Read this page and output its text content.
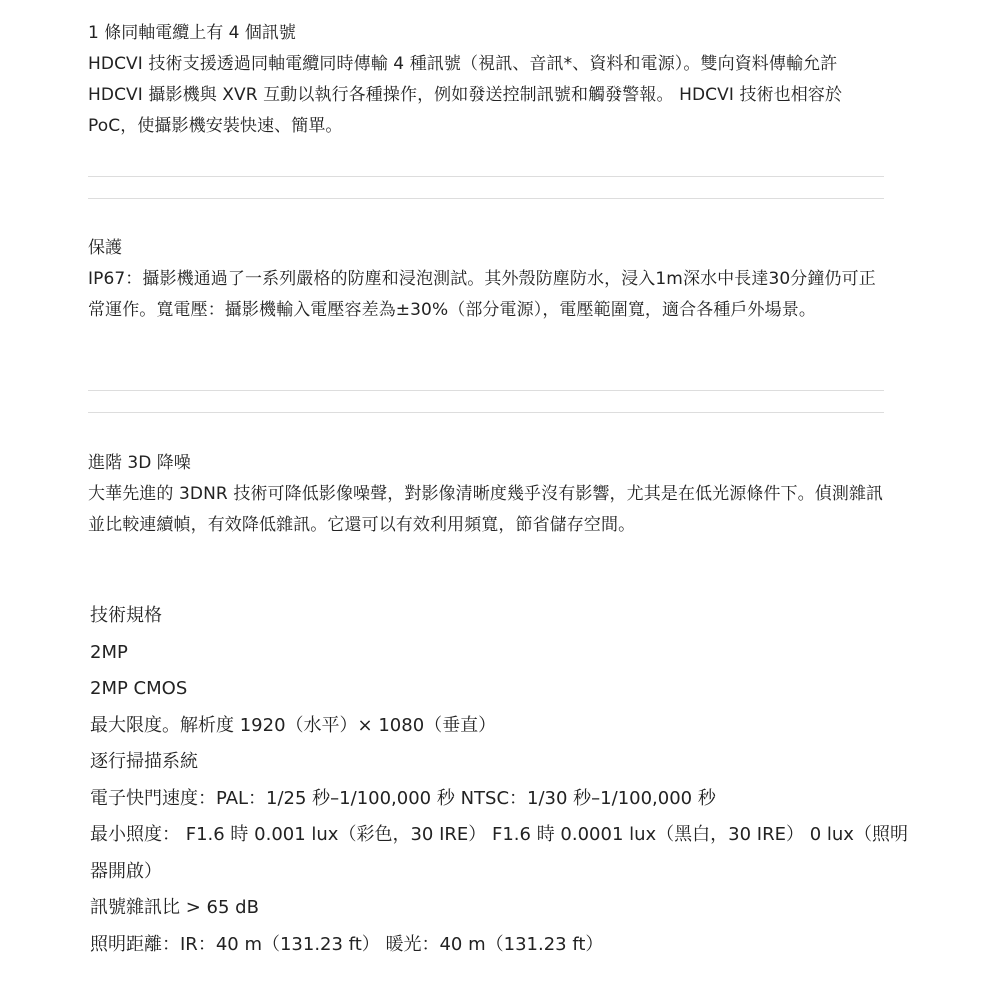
1 條同軸電纜上有 4 個訊號
HDCVI 技術支援透過同軸電纜同時傳輸 4 種訊號（視訊、音訊*、資料和電源）。雙向資料傳輸允許 HDCVI 攝影機與 XVR 互動以執行各種操作，例如發送控制訊號和觸發警報。 HDCVI 技術也相容於 PoC，使攝影機安裝快速、簡單。
保護
IP67：攝影機通過了一系列嚴格的防塵和浸泡測試。其外殼防塵防水，浸入1m深水中長達30分鐘仍可正常運作。寬電壓：攝影機輸入電壓容差為±30%（部分電源），電壓範圍寬，適合各種戶外場景。
進階 3D 降噪
大華先進的 3DNR 技術可降低影像噪聲，對影像清晰度幾乎沒有影響，尤其是在低光源條件下。偵測雜訊並比較連續幀，有效降低雜訊。它還可以有效利用頻寬，節省儲存空間。
技術規格
2MP
2MP CMOS
最大限度。解析度 1920（水平）× 1080（垂直）
逐行掃描系統
電子快門速度：PAL：1/25 秒–1/100,000 秒 NTSC：1/30 秒–1/100,000 秒
最小照度： F1.6 時 0.001 lux（彩色，30 IRE） F1.6 時 0.0001 lux（黑白，30 IRE） 0 lux（照明器開啟）
訊號雜訊比 > 65 dB
照明距離：IR：40 m（131.23 ft） 暖光：40 m（131.23 ft）
